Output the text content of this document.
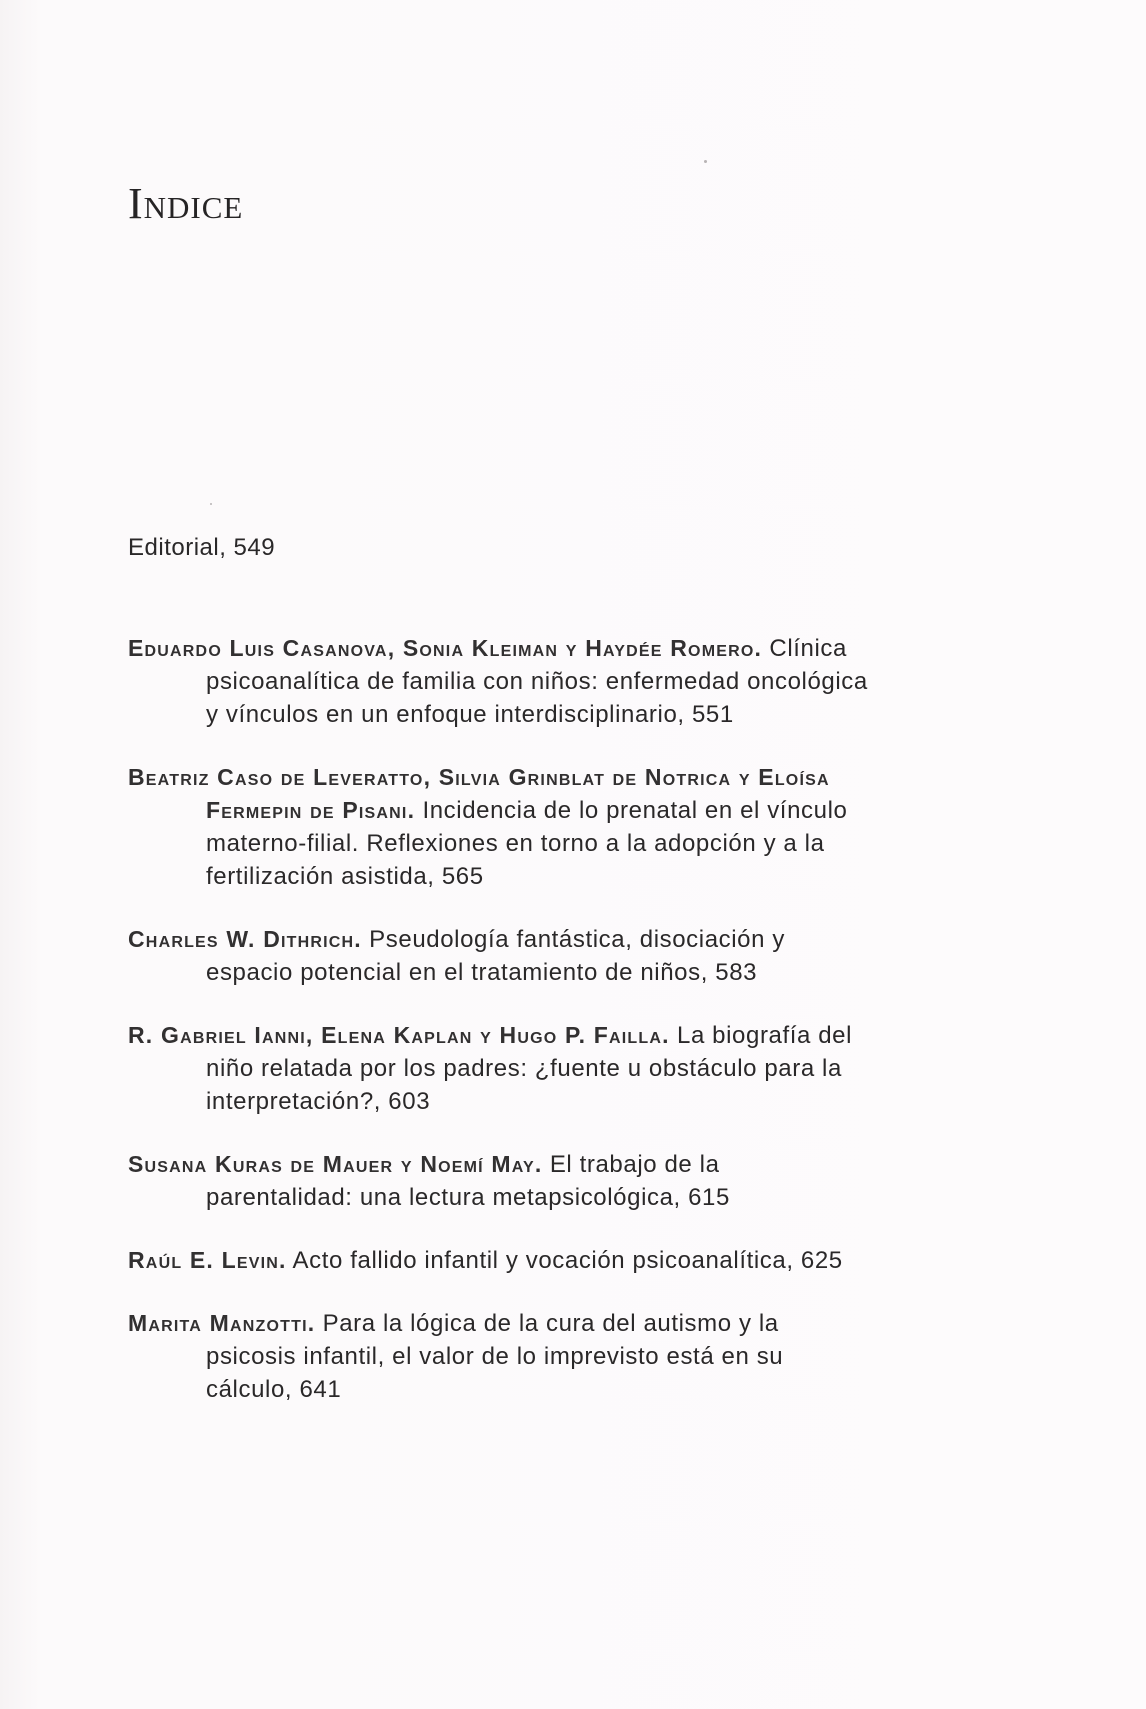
Indice
Editorial, 549

Eduardo Luis Casanova, Sonia Kleiman y Haydée Romero. Clínica psicoanalítica de familia con niños: enfermedad oncológica y vínculos en un enfoque interdisciplinario, 551

Beatriz Caso de Leveratto, Silvia Grinblat de Notrica y Eloísa Fermepin de Pisani. Incidencia de lo prenatal en el vínculo materno-filial. Reflexiones en torno a la adopción y a la fertilización asistida, 565

Charles W. Dithrich. Pseudología fantástica, disociación y espacio potencial en el tratamiento de niños, 583

R. Gabriel Ianni, Elena Kaplan y Hugo P. Failla. La biografía del niño relatada por los padres: ¿fuente u obstáculo para la interpretación?, 603

Susana Kuras de Mauer y Noemí May. El trabajo de la parentalidad: una lectura metapsicológica, 615

Raúl E. Levin. Acto fallido infantil y vocación psicoanalítica, 625

Marita Manzotti. Para la lógica de la cura del autismo y la psicosis infantil, el valor de lo imprevisto está en su cálculo, 641
